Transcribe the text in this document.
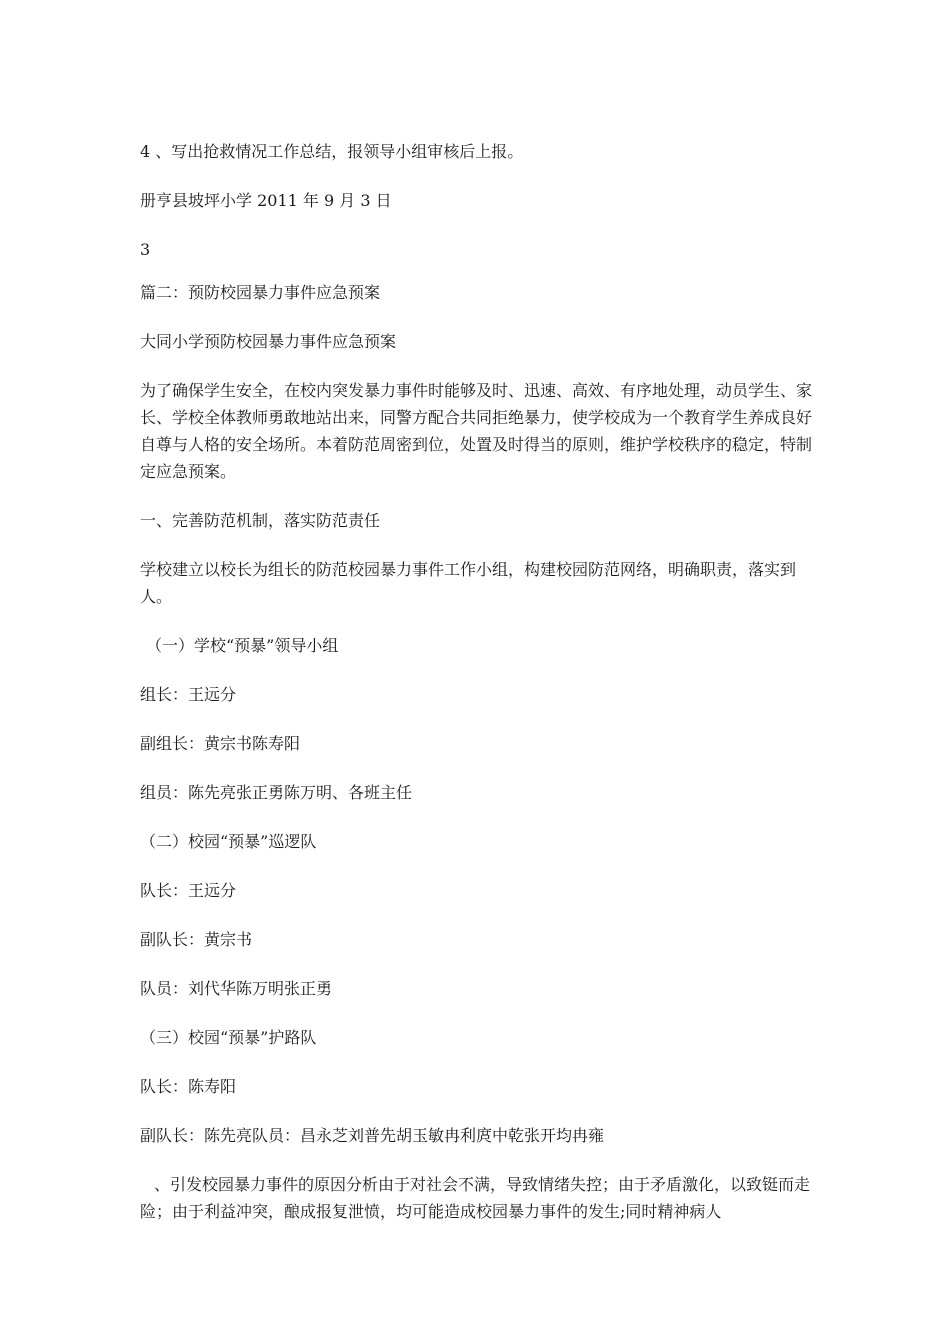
4 、写出抢救情况工作总结，报领导小组审核后上报。

册亨县坡坪小学 2011 年 9 月 3 日

3

篇二：预防校园暴力事件应急预案

大同小学预防校园暴力事件应急预案

为了确保学生安全，在校内突发暴力事件时能够及时、迅速、高效、有序地处理，动员学生、家长、学校全体教师勇敢地站出来，同警方配合共同拒绝暴力，使学校成为一个教育学生养成良好自尊与人格的安全场所。本着防范周密到位，处置及时得当的原则，维护学校秩序的稳定，特制定应急预案。

一、完善防范机制，落实防范责任

学校建立以校长为组长的防范校园暴力事件工作小组，构建校园防范网络，明确职责，落实到人。

（一）学校“预暴”领导小组

组长：王远分

副组长：黄宗书陈寿阳

组员：陈先亮张正勇陈万明、各班主任

（二）校园“预暴”巡逻队

队长：王远分

副队长：黄宗书

队员：刘代华陈万明张正勇

（三）校园“预暴”护路队

队长：陈寿阳

副队长：陈先亮队员：昌永芝刘普先胡玉敏冉利庹中乾张开均冉雍

、引发校园暴力事件的原因分析由于对社会不满，导致情绪失控；由于矛盾激化，以致铤而走险；由于利益冲突，酿成报复泄愤，均可能造成校园暴力事件的发生;同时精神病人
